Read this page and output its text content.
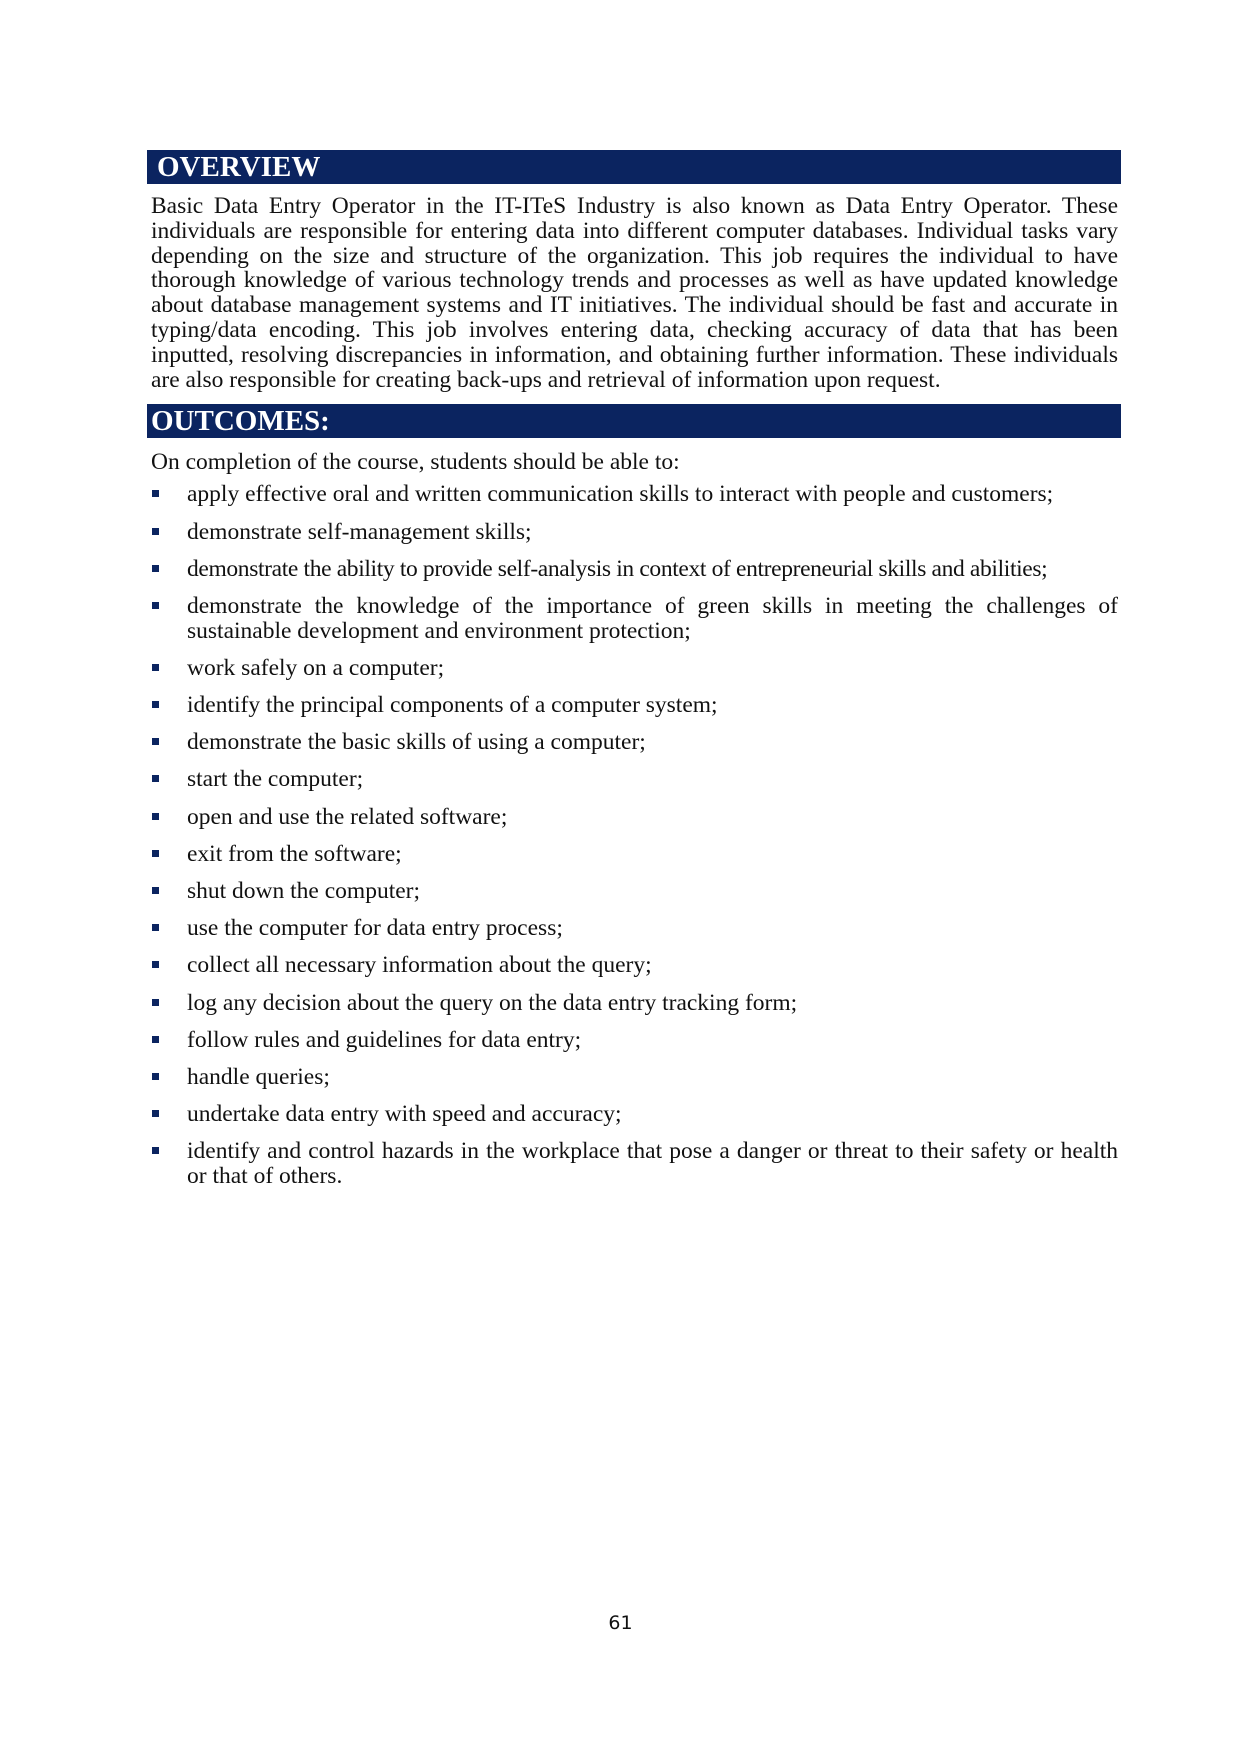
OVERVIEW

Basic Data Entry Operator in the IT-ITeS Industry is also known as Data Entry Operator. These individuals are responsible for entering data into different computer databases. Individual tasks vary depending on the size and structure of the organization. This job requires the individual to have thorough knowledge of various technology trends and processes as well as have updated knowledge about database management systems and IT initiatives. The individual should be fast and accurate in typing/data encoding. This job involves entering data, checking accuracy of data that has been inputted, resolving discrepancies in information, and obtaining further information. These individuals are also responsible for creating back-ups and retrieval of information upon request.

OUTCOMES:
On completion of the course, students should be able to:
apply effective oral and written communication skills to interact with people and customers;
demonstrate self-management skills;
demonstrate the ability to provide self-analysis in context of entrepreneurial skills and abilities;
demonstrate the knowledge of the importance of green skills in meeting the challenges of sustainable development and environment protection;
work safely on a computer;
identify the principal components of a computer system;
demonstrate the basic skills of using a computer;
start the computer;
open and use the related software;
exit from the software;
shut down the computer;
use the computer for data entry process;
collect all necessary information about the query;
log any decision about the query on the data entry tracking form;
follow rules and guidelines for data entry;
handle queries;
undertake data entry with speed and accuracy;
identify and control hazards in the workplace that pose a danger or threat to their safety or health or that of others.
61
